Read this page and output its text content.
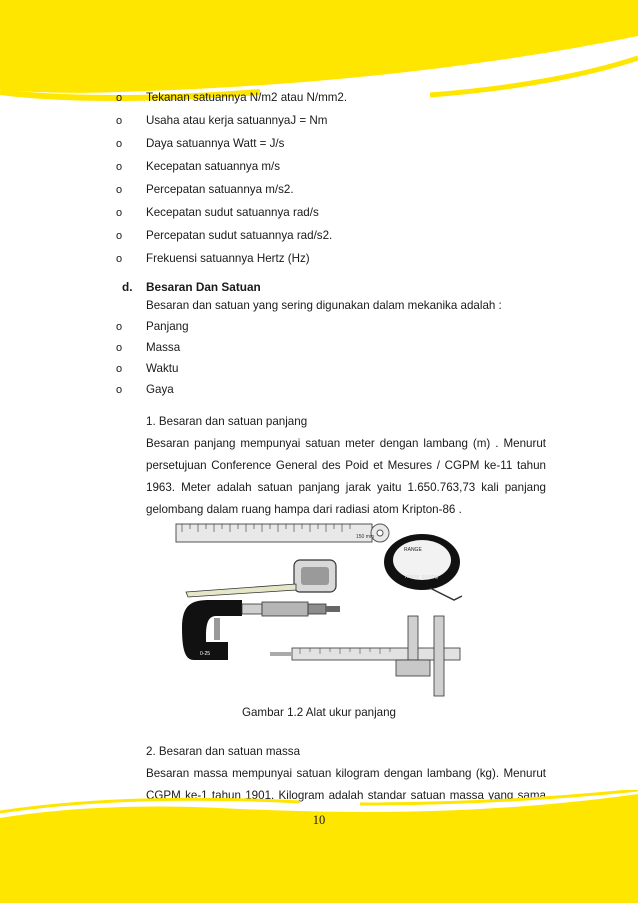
o Tekanan satuannya N/m2 atau N/mm2.
o Usaha atau kerja satuannyaJ = Nm
o Daya satuannya Watt = J/s
o Kecepatan satuannya m/s
o Percepatan satuannya m/s2.
o Kecepatan sudut satuannya rad/s
o Percepatan sudut satuannya rad/s2.
o Frekuensi satuannya Hertz (Hz)
d. Besaran Dan Satuan
Besaran dan satuan yang sering digunakan dalam mekanika adalah :
o Panjang
o Massa
o Waktu
o Gaya
1. Besaran dan satuan panjang
Besaran panjang mempunyai satuan meter dengan lambang (m) . Menurut
persetujuan Conference General des Poid et Mesures / CGPM ke-11 tahun
1963. Meter adalah satuan panjang jarak yaitu 1.650.763,73 kali panjang
gelombang dalam ruang hampa dari radiasi atom Kripton-86 .
150 mm
RANGE
mistar gulung
0-25
Gambar 1.2 Alat ukur panjang
2. Besaran dan satuan massa
Besaran massa mempunyai satuan kilogram dengan lambang (kg). Menurut
CGPM ke-1 tahun 1901. Kilogram adalah standar satuan massa yang sama
10
